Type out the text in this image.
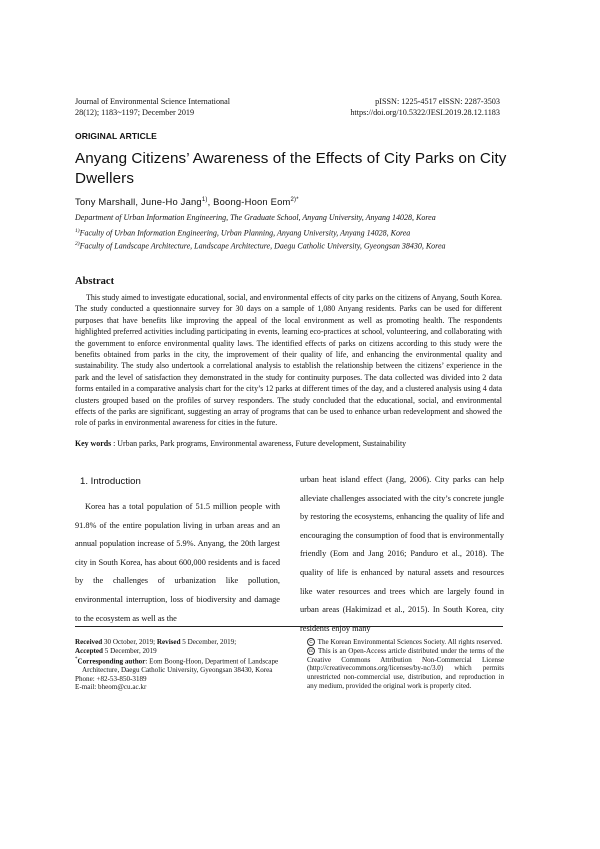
Journal of Environmental Science International
28(12); 1183~1197; December 2019
pISSN: 1225-4517 eISSN: 2287-3503
https://doi.org/10.5322/JESI.2019.28.12.1183
ORIGINAL ARTICLE
Anyang Citizens’ Awareness of the Effects of City Parks on City Dwellers
Tony Marshall, June-Ho Jang$^{1)}$, Boong-Hoon Eom$^{2)*}$
Department of Urban Information Engineering, The Graduate School, Anyang University, Anyang 14028, Korea
$^{1)}$Faculty of Urban Information Engineering, Urban Planning, Anyang University, Anyang 14028, Korea
$^{2)}$Faculty of Landscape Architecture, Landscape Architecture, Daegu Catholic University, Gyeongsan 38430, Korea
Abstract
This study aimed to investigate educational, social, and environmental effects of city parks on the citizens of Anyang, South Korea. The study conducted a questionnaire survey for 30 days on a sample of 1,080 Anyang residents. Parks can be used for different purposes that have benefits like improving the appeal of the local environment as well as promoting health. The respondents highlighted preferred activities including participating in events, learning eco-practices at school, volunteering, and collaborating with the government to enforce environmental quality laws. The identified effects of parks on citizens according to this study were the benefits obtained from parks in the city, the improvement of their quality of life, and enhancing the environmental quality and sustainability. The study also undertook a correlational analysis to establish the relationship between the citizens’ experience in the park and the level of satisfaction they demonstrated in the study for continuity purposes. The data collected was divided into 2 data forms entailed in a comparative analysis chart for the city’s 12 parks at different times of the day, and a clustered analysis using 4 data clusters grouped based on the profiles of survey responders. The study concluded that the educational, social, and environmental effects of the parks are significant, suggesting an array of programs that can be used to enhance urban redevelopment and showed the role of parks in environmental awareness for cities in the future.
Key words : Urban parks, Park programs, Environmental awareness, Future development, Sustainability
1. Introduction
Korea has a total population of 51.5 million people with 91.8% of the entire population living in urban areas and an annual population increase of 5.9%. Anyang, the 20th largest city in South Korea, has about 600,000 residents and is faced by the challenges of urbanization like pollution, environmental interruption, loss of biodiversity and damage to the ecosystem as well as the
urban heat island effect (Jang, 2006). City parks can help alleviate challenges associated with the city’s concrete jungle by restoring the ecosystems, enhancing the quality of life and encouraging the consumption of food that is environmentally friendly (Eom and Jang 2016; Panduro et al., 2018). The quality of life is enhanced by natural assets and resources like water resources and trees which are largely found in urban areas (Hakimizad et al., 2015). In South Korea, city residents enjoy many
Received 30 October, 2019; Revised 5 December, 2019;
Accepted 5 December, 2019
*Corresponding author: Eom Boong-Hoon, Department of Landscape
Architecture, Daegu Catholic University, Gyeongsan 38430, Korea
Phone: +82-53-850-3189
E-mail: bheom@cu.ac.kr
C The Korean Environmental Sciences Society. All rights reserved.
cc This is an Open-Access article distributed under the terms of the Creative Commons Attribution Non-Commercial License (http://creativecommons.org/licenses/by-nc/3.0) which permits unrestricted non-commercial use, distribution, and reproduction in any medium, provided the original work is properly cited.
